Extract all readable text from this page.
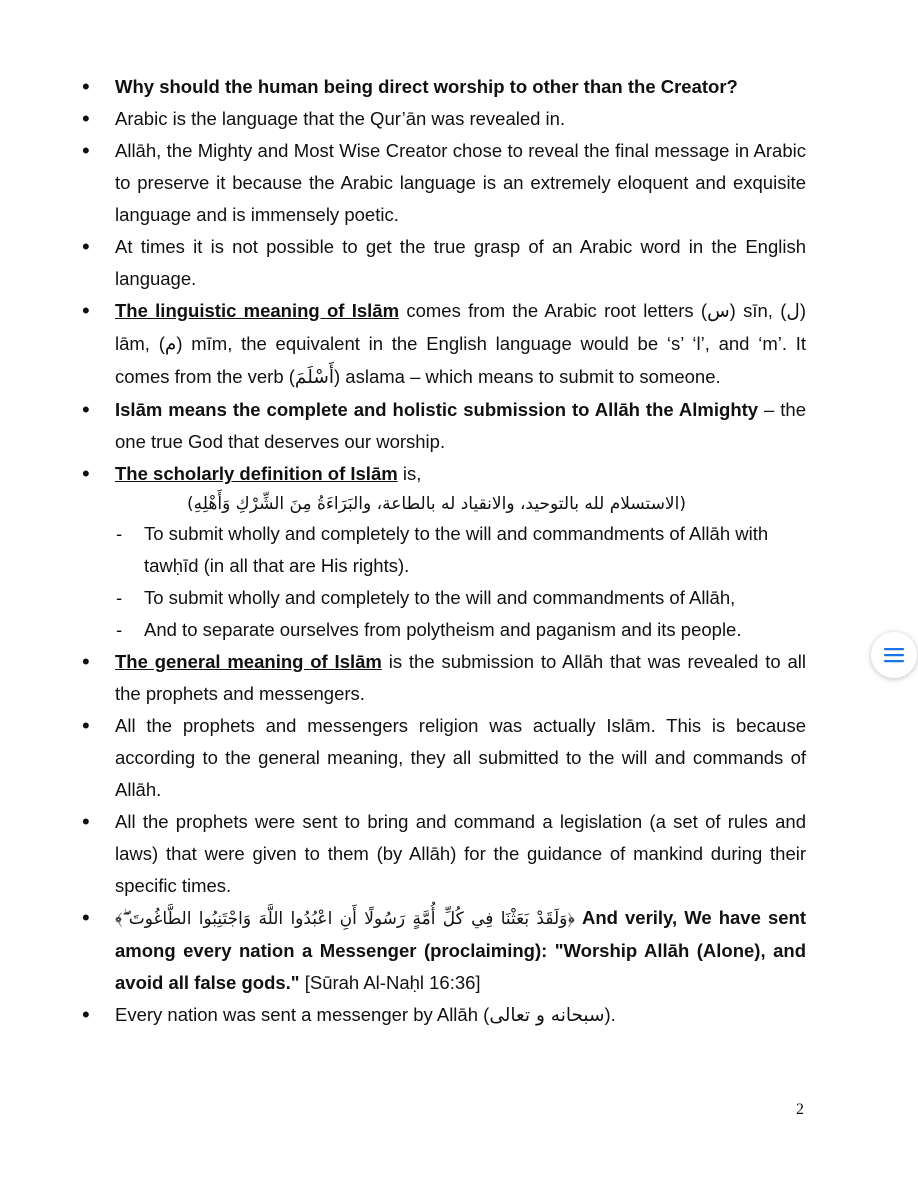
• Why should the human being direct worship to other than the Creator?
• Arabic is the language that the Qur’ān was revealed in.
• Allāh, the Mighty and Most Wise Creator chose to reveal the final message in Arabic to preserve it because the Arabic language is an extremely eloquent and exquisite language and is immensely poetic.
• At times it is not possible to get the true grasp of an Arabic word in the English language.
• The linguistic meaning of Islām comes from the Arabic root letters (س) sīn, (ل) lām, (م) mīm, the equivalent in the English language would be ‘s’ ‘l’, and ‘m’. It comes from the verb (أَسْلَمَ) aslama – which means to submit to someone.
• Islām means the complete and holistic submission to Allāh the Almighty – the one true God that deserves our worship.
• The scholarly definition of Islām is,
(الاستسلام لله بالتوحيد، والانقياد له بالطاعة، والبَرَاءَةُ مِنَ الشِّرْكِ وَأَهْلِهِ)
- To submit wholly and completely to the will and commandments of Allāh with tawḥīd (in all that are His rights).
- To submit wholly and completely to the will and commandments of Allāh,
- And to separate ourselves from polytheism and paganism and its people.
• The general meaning of Islām is the submission to Allāh that was revealed to all the prophets and messengers.
• All the prophets and messengers religion was actually Islām. This is because according to the general meaning, they all submitted to the will and commands of Allāh.
• All the prophets were sent to bring and command a legislation (a set of rules and laws) that were given to them (by Allāh) for the guidance of mankind during their specific times.
• ﴿وَلَقَدْ بَعَثْنَا فِي كُلِّ أُمَّةٍ رَسُولًا أَنِ اعْبُدُوا اللَّهَ وَاجْتَنِبُوا الطَّاغُوتَ ۖ﴾ And verily, We have sent among every nation a Messenger (proclaiming): "Worship Allāh (Alone), and avoid all false gods." [Sūrah Al-Naḥl 16:36]
• Every nation was sent a messenger by Allāh (سبحانه و تعالى).
2
